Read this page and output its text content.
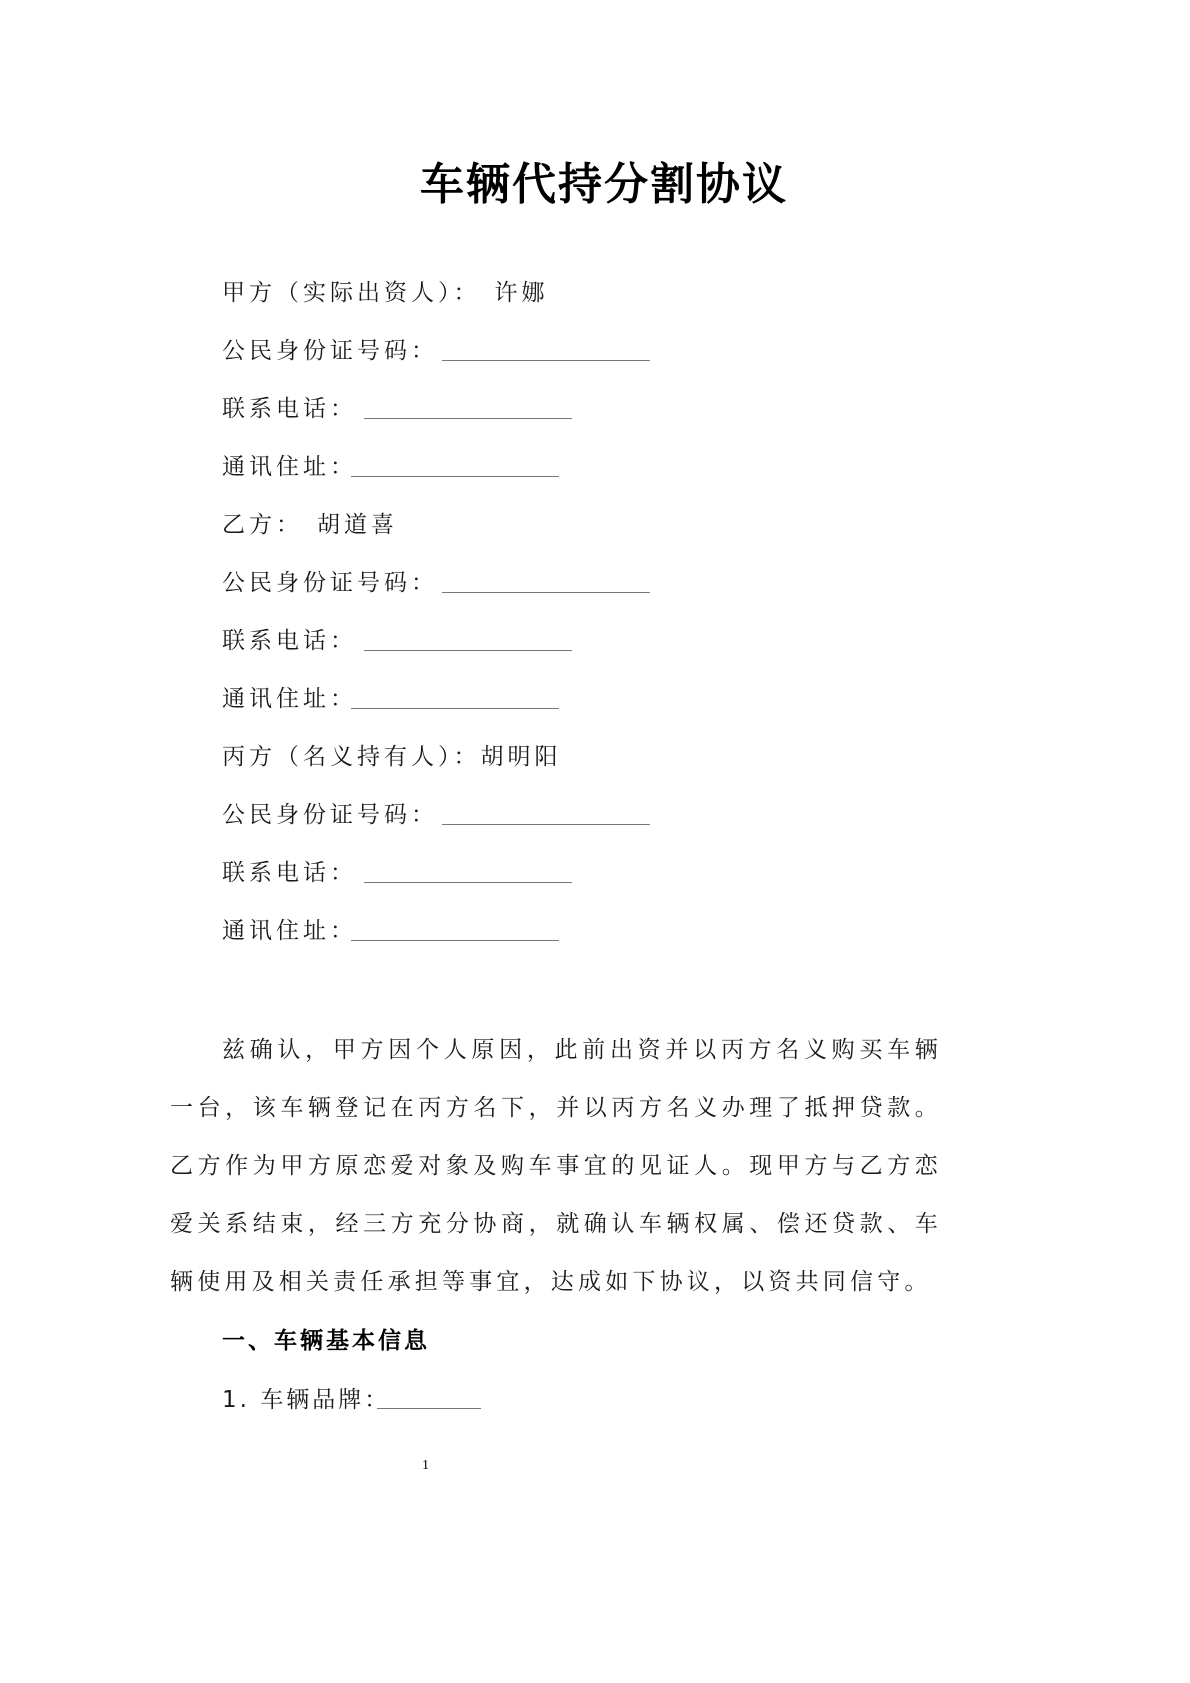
车辆代持分割协议
甲方（实际出资人）： 许娜
公民身份证号码：
联系电话：
通讯住址：
乙方： 胡道喜
公民身份证号码：
联系电话：
通讯住址：
丙方（名义持有人）：胡明阳
公民身份证号码：
联系电话：
通讯住址：
兹确认，甲方因个人原因，此前出资并以丙方名义购买车辆一台，该车辆登记在丙方名下，并以丙方名义办理了抵押贷款。乙方作为甲方原恋爱对象及购车事宜的见证人。现甲方与乙方恋爱关系结束，经三方充分协商，就确认车辆权属、偿还贷款、车辆使用及相关责任承担等事宜，达成如下协议，以资共同信守。
一、车辆基本信息
1. 车辆品牌：
1
